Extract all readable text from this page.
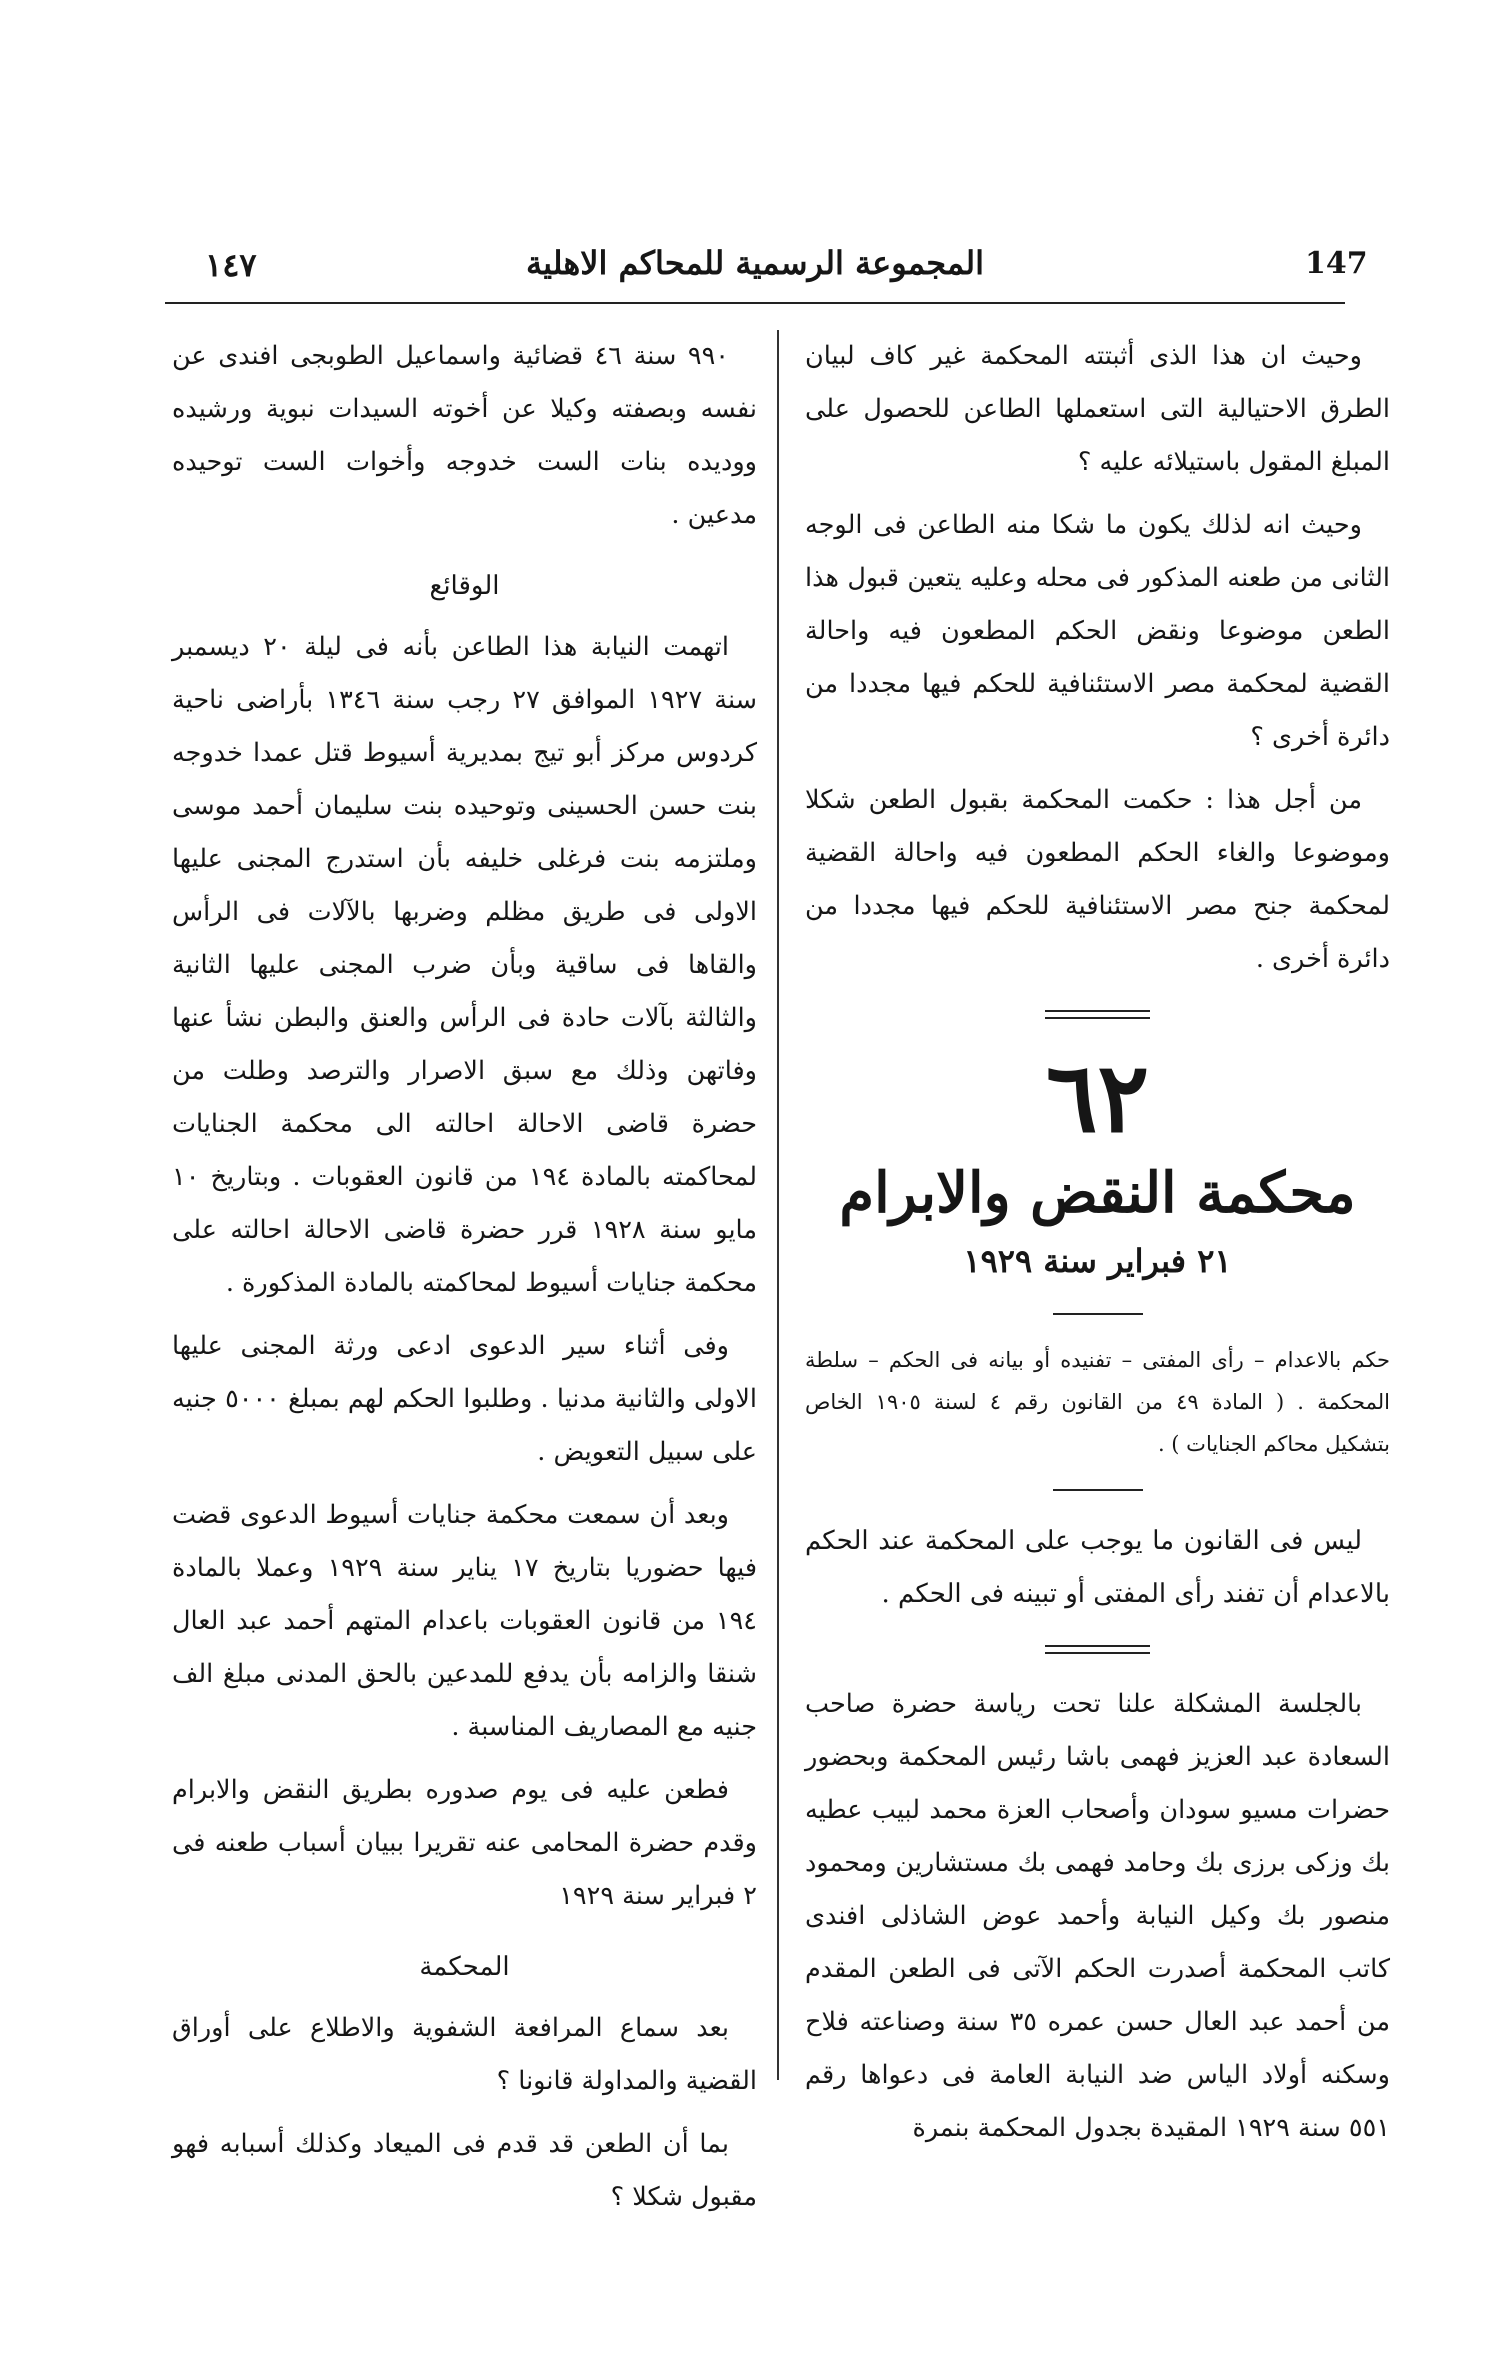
147
المجموعة الرسمية للمحاكم الاهلية
١٤٧

وحيث ان هذا الذى أثبتته المحكمة غير كاف لبيان الطرق الاحتيالية التى استعملها الطاعن للحصول على المبلغ المقول باستيلائه عليه ؟

وحيث انه لذلك يكون ما شكا منه الطاعن فى الوجه الثانى من طعنه المذكور فى محله وعليه يتعين قبول هذا الطعن موضوعا ونقض الحكم المطعون فيه واحالة القضية لمحكمة مصر الاستئنافية للحكم فيها مجددا من دائرة أخرى ؟

من أجل هذا : حكمت المحكمة بقبول الطعن شكلا وموضوعا والغاء الحكم المطعون فيه واحالة القضية لمحكمة جنح مصر الاستئنافية للحكم فيها مجددا من دائرة أخرى .

٦٢
محكمة النقض والابرام
٢١ فبراير سنة ١٩٢٩

حكم بالاعدام – رأى المفتى – تفنيده أو بيانه فى الحكم – سلطة المحكمة . ( المادة ٤٩ من القانون رقم ٤ لسنة ١٩٠٥ الخاص بتشكيل محاكم الجنايات ) .

ليس فى القانون ما يوجب على المحكمة عند الحكم بالاعدام أن تفند رأى المفتى أو تبينه فى الحكم .

بالجلسة المشكلة علنا تحت رياسة حضرة صاحب السعادة عبد العزيز فهمى باشا رئيس المحكمة وبحضور حضرات مسيو سودان وأصحاب العزة محمد لبيب عطيه بك وزكى برزى بك وحامد فهمى بك مستشارين ومحمود منصور بك وكيل النيابة وأحمد عوض الشاذلى افندى كاتب المحكمة أصدرت الحكم الآتى فى الطعن المقدم من أحمد عبد العال حسن عمره ٣٥ سنة وصناعته فلاح وسكنه أولاد الياس ضد النيابة العامة فى دعواها رقم ٥٥١ سنة ١٩٢٩ المقيدة بجدول المحكمة بنمرة

٩٩٠ سنة ٤٦ قضائية واسماعيل الطوبجى افندى عن نفسه وبصفته وكيلا عن أخوته السيدات نبوية ورشيده ووديده بنات الست خدوجه وأخوات الست توحيده مدعين .

الوقائع

اتهمت النيابة هذا الطاعن بأنه فى ليلة ٢٠ ديسمبر سنة ١٩٢٧ الموافق ٢٧ رجب سنة ١٣٤٦ بأراضى ناحية كردوس مركز أبو تيج بمديرية أسيوط قتل عمدا خدوجه بنت حسن الحسينى وتوحيده بنت سليمان أحمد موسى وملتزمه بنت فرغلى خليفه بأن استدرج المجنى عليها الاولى فى طريق مظلم وضربها بالآلات فى الرأس والقاها فى ساقية وبأن ضرب المجنى عليها الثانية والثالثة بآلات حادة فى الرأس والعنق والبطن نشأ عنها وفاتهن وذلك مع سبق الاصرار والترصد وطلت من حضرة قاضى الاحالة احالته الى محكمة الجنايات لمحاكمته بالمادة ١٩٤ من قانون العقوبات . وبتاريخ ١٠ مايو سنة ١٩٢٨ قرر حضرة قاضى الاحالة احالته على محكمة جنايات أسيوط لمحاكمته بالمادة المذكورة .

وفى أثناء سير الدعوى ادعى ورثة المجنى عليها الاولى والثانية مدنيا . وطلبوا الحكم لهم بمبلغ ٥٠٠٠ جنيه على سبيل التعويض .

وبعد أن سمعت محكمة جنايات أسيوط الدعوى قضت فيها حضوريا بتاريخ ١٧ يناير سنة ١٩٢٩ وعملا بالمادة ١٩٤ من قانون العقوبات باعدام المتهم أحمد عبد العال شنقا والزامه بأن يدفع للمدعين بالحق المدنى مبلغ الف جنيه مع المصاريف المناسبة .

فطعن عليه فى يوم صدوره بطريق النقض والابرام وقدم حضرة المحامى عنه تقريرا ببيان أسباب طعنه فى ٢ فبراير سنة ١٩٢٩

المحكمة

بعد سماع المرافعة الشفوية والاطلاع على أوراق القضية والمداولة قانونا ؟

بما أن الطعن قد قدم فى الميعاد وكذلك أسبابه فهو مقبول شكلا ؟
